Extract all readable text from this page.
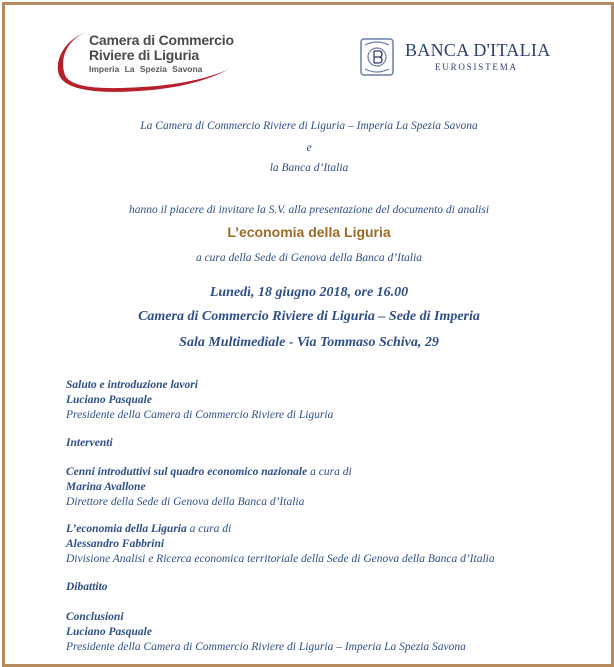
Camera di Commercio
Riviere di Liguria
Imperia La Spezia Savona
BANCA D'ITALIA
EUROSISTEMA
La Camera di Commercio Riviere di Liguria – Imperia La Spezia Savona
e
la Banca d’Italia
hanno il piacere di invitare la S.V. alla presentazione del documento di analisi
L’economia della Liguria
a cura della Sede di Genova della Banca d’Italia
Lunedì, 18 giugno 2018, ore 16.00
Camera di Commercio Riviere di Liguria – Sede di Imperia
Sala Multimediale - Via Tommaso Schiva, 29
Saluto e introduzione lavori
Luciano Pasquale
Presidente della Camera di Commercio Riviere di Liguria
Interventi
Cenni introduttivi sul quadro economico nazionale a cura di
Marina Avallone
Direttore della Sede di Genova della Banca d’Italia
L’economia della Liguria a cura di
Alessandro Fabbrini
Divisione Analisi e Ricerca economica territoriale della Sede di Genova della Banca d’Italia
Dibattito
Conclusioni
Luciano Pasquale
Presidente della Camera di Commercio Riviere di Liguria – Imperia La Spezia Savona
